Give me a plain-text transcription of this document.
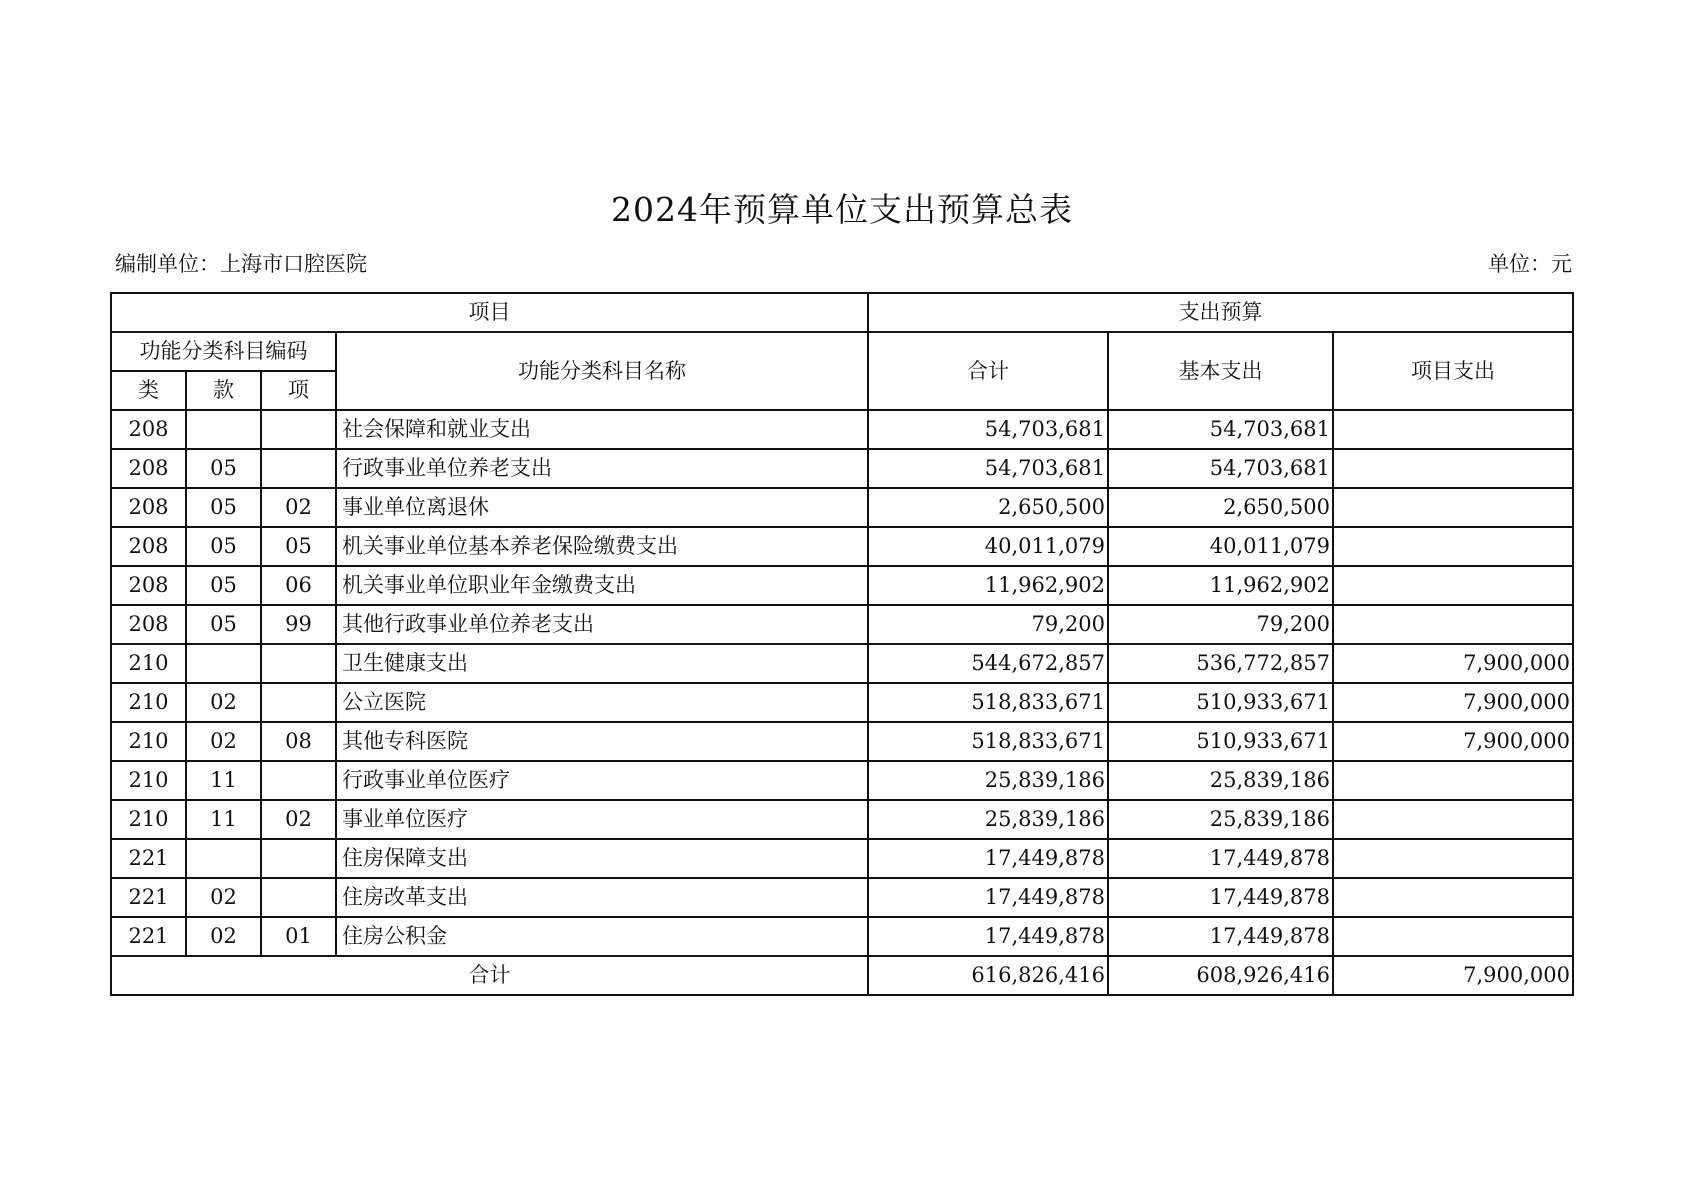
2024年预算单位支出预算总表
编制单位：上海市口腔医院	单位：元
项目				支出预算		
功能分类科目编码			功能分类科目名称	合计	基本支出	项目支出
类	款	项				
208			社会保障和就业支出	54,703,681	54,703,681	
208	05		行政事业单位养老支出	54,703,681	54,703,681	
208	05	02	事业单位离退休	2,650,500	2,650,500	
208	05	05	机关事业单位基本养老保险缴费支出	40,011,079	40,011,079	
208	05	06	机关事业单位职业年金缴费支出	11,962,902	11,962,902	
208	05	99	其他行政事业单位养老支出	79,200	79,200	
210			卫生健康支出	544,672,857	536,772,857	7,900,000
210	02		公立医院	518,833,671	510,933,671	7,900,000
210	02	08	其他专科医院	518,833,671	510,933,671	7,900,000
210	11		行政事业单位医疗	25,839,186	25,839,186	
210	11	02	事业单位医疗	25,839,186	25,839,186	
221			住房保障支出	17,449,878	17,449,878	
221	02		住房改革支出	17,449,878	17,449,878	
221	02	01	住房公积金	17,449,878	17,449,878	
合计				616,826,416	608,926,416	7,900,000
